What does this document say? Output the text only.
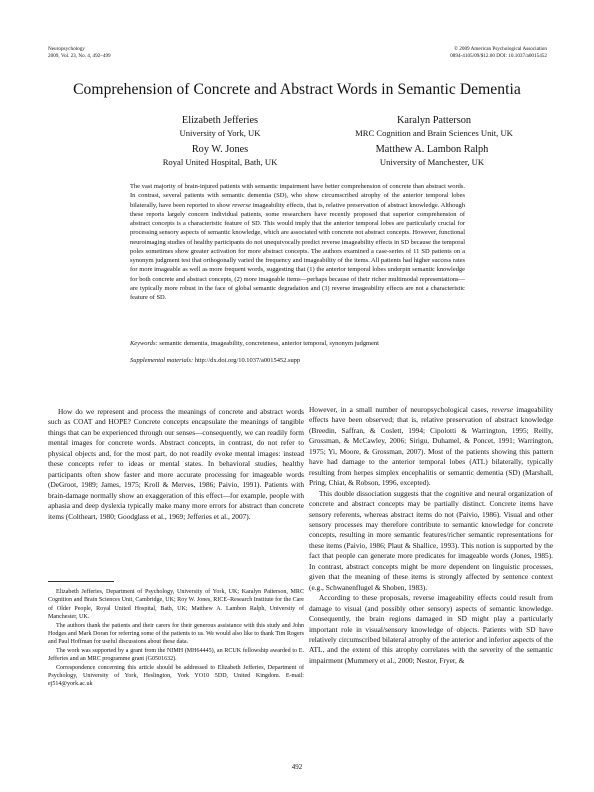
Neuropsychology
2009, Vol. 23, No. 4, 492–499
© 2009 American Psychological Association
0894-4105/09/$12.00 DOI: 10.1037/a0015452
Comprehension of Concrete and Abstract Words in Semantic Dementia
Elizabeth Jefferies
University of York, UK
Karalyn Patterson
MRC Cognition and Brain Sciences Unit, UK
Roy W. Jones
Royal United Hospital, Bath, UK
Matthew A. Lambon Ralph
University of Manchester, UK
The vast majority of brain-injured patients with semantic impairment have better comprehension of concrete than abstract words. In contrast, several patients with semantic dementia (SD), who show circumscribed atrophy of the anterior temporal lobes bilaterally, have been reported to show reverse imageability effects, that is, relative preservation of abstract knowledge. Although these reports largely concern individual patients, some researchers have recently proposed that superior comprehension of abstract concepts is a characteristic feature of SD. This would imply that the anterior temporal lobes are particularly crucial for processing sensory aspects of semantic knowledge, which are associated with concrete not abstract concepts. However, functional neuroimaging studies of healthy participants do not unequivocally predict reverse imageability effects in SD because the temporal poles sometimes show greater activation for more abstract concepts. The authors examined a case-series of 11 SD patients on a synonym judgment test that orthogonally varied the frequency and imageability of the items. All patients had higher success rates for more imageable as well as more frequent words, suggesting that (1) the anterior temporal lobes underpin semantic knowledge for both concrete and abstract concepts, (2) more imageable items—perhaps because of their richer multimodal representations—are typically more robust in the face of global semantic degradation and (3) reverse imageability effects are not a characteristic feature of SD.
Keywords: semantic dementia, imageability, concreteness, anterior temporal, synonym judgment
Supplemental materials: http://dx.doi.org/10.1037/a0015452.supp

How do we represent and process the meanings of concrete and abstract words such as COAT and HOPE? Concrete concepts encapsulate the meanings of tangible things that can be experienced through our senses—consequently, we can readily form mental images for concrete words. Abstract concepts, in contrast, do not refer to physical objects and, for the most part, do not readily evoke mental images: instead these concepts refer to ideas or mental states. In behavioral studies, healthy participants often show faster and more accurate processing for imageable words (DeGroot, 1989; James, 1975; Kroll & Merves, 1986; Paivio, 1991). Patients with brain-damage normally show an exaggeration of this effect—for example, people with aphasia and deep dyslexia typically make many more errors for abstract than concrete items (Coltheart, 1980; Goodglass et al., 1969; Jefferies et al., 2007).

Elizabeth Jefferies, Department of Psychology, University of York, UK; Karalyn Patterson, MRC Cognition and Brain Sciences Unit, Cambridge, UK; Roy W. Jones, RICE–Research Institute for the Care of Older People, Royal United Hospital, Bath, UK; Matthew A. Lambon Ralph, University of Manchester, UK.

The authors thank the patients and their carers for their generous assistance with this study and John Hodges and Mark Doran for referring some of the patients to us. We would also like to thank Tim Rogers and Paul Hoffman for useful discussions about these data.

The work was supported by a grant from the NIMH (MH64445), an RCUK fellowship awarded to E. Jefferies and an MRC programme grant (G0501632).

Correspondence concerning this article should be addressed to Elizabeth Jefferies, Department of Psychology, University of York, Heslington, York YO10 5DD, United Kingdom. E-mail: ej514@york.ac.uk

However, in a small number of neuropsychological cases, reverse imageability effects have been observed; that is, relative preservation of abstract knowledge (Breedin, Saffran, & Coslett, 1994; Cipolotti & Warrington, 1995; Reilly, Grossman, & McCawley, 2006; Sirigu, Duhamel, & Poncet, 1991; Warrington, 1975; Yi, Moore, & Grossman, 2007). Most of the patients showing this pattern have had damage to the anterior temporal lobes (ATL) bilaterally, typically resulting from herpes simplex encephalitis or semantic dementia (SD) (Marshall, Pring, Chiat, & Robson, 1996, excepted).

This double dissociation suggests that the cognitive and neural organization of concrete and abstract concepts may be partially distinct. Concrete items have sensory referents, whereas abstract items do not (Paivio, 1986). Visual and other sensory processes may therefore contribute to semantic knowledge for concrete concepts, resulting in more semantic features/richer semantic representations for these items (Paivio, 1986; Plaut & Shallice, 1993). This notion is supported by the fact that people can generate more predicates for imageable words (Jones, 1985). In contrast, abstract concepts might be more dependent on linguistic processes, given that the meaning of these items is strongly affected by sentence context (e.g., Schwanenflugel & Shoben, 1983).

According to these proposals, reverse imageability effects could result from damage to visual (and possibly other sensory) aspects of semantic knowledge. Consequently, the brain regions damaged in SD might play a particularly important role in visual/sensory knowledge of objects. Patients with SD have relatively circumscribed bilateral atrophy of the anterior and inferior aspects of the ATL, and the extent of this atrophy correlates with the severity of the semantic impairment (Mummery et al., 2000; Nestor, Fryer, &

492
